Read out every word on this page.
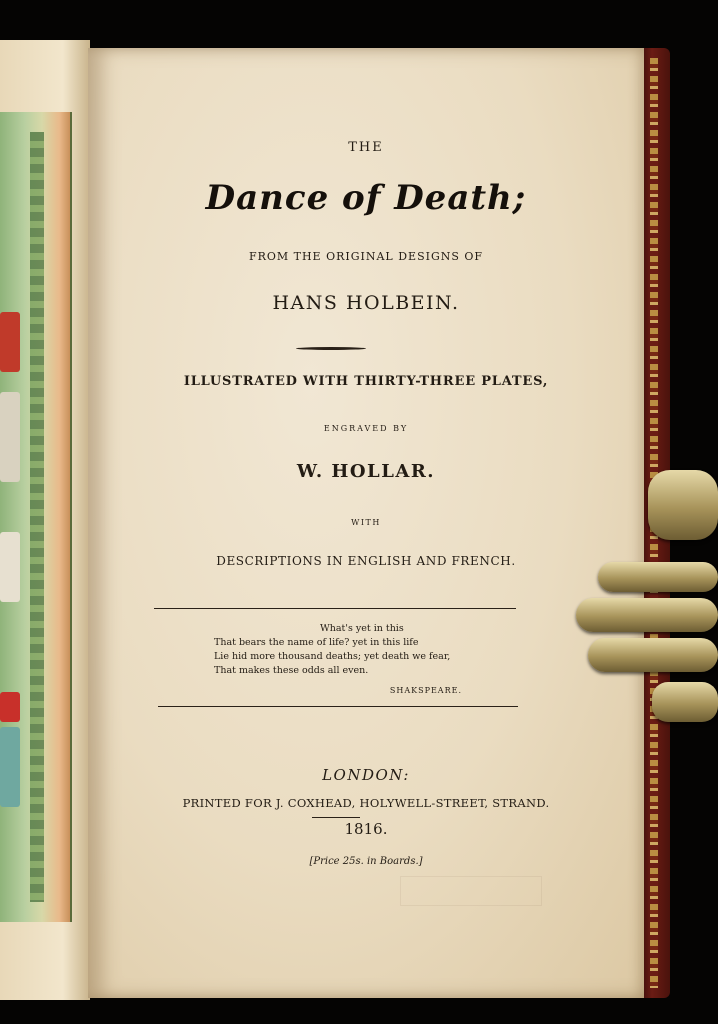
THE
Dance of Death;
FROM THE ORIGINAL DESIGNS OF
HANS HOLBEIN.
ILLUSTRATED WITH THIRTY-THREE PLATES,
ENGRAVED BY
W. HOLLAR.
WITH
DESCRIPTIONS IN ENGLISH AND FRENCH.
What's yet in this
That bears the name of life? yet in this life
Lie hid more thousand deaths; yet death we fear,
That makes these odds all even.
SHAKSPEARE.
LONDON:
PRINTED FOR J. COXHEAD, HOLYWELL-STREET, STRAND.
1816.
[Price 25s. in Boards.]
